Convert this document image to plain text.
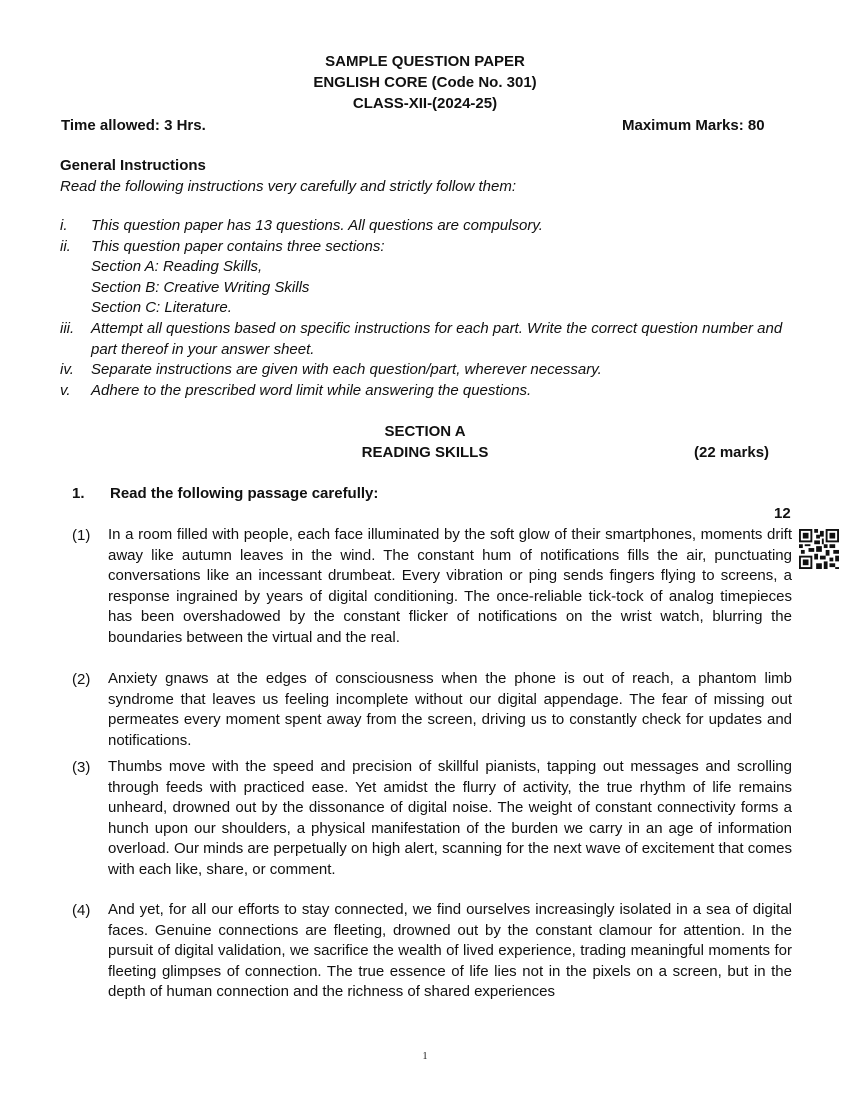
SAMPLE QUESTION PAPER
ENGLISH CORE (Code No. 301)
CLASS-XII-(2024-25)
Time allowed: 3 Hrs.	Maximum Marks: 80
General Instructions
Read the following instructions very carefully and strictly follow them:
i. This question paper has 13 questions. All questions are compulsory.
ii. This question paper contains three sections:
Section A: Reading Skills,
Section B: Creative Writing Skills
Section C: Literature.
iii. Attempt all questions based on specific instructions for each part. Write the correct question number and part thereof in your answer sheet.
iv. Separate instructions are given with each question/part, wherever necessary.
v. Adhere to the prescribed word limit while answering the questions.
SECTION A
READING SKILLS	(22 marks)
1. Read the following passage carefully:
12
(1) In a room filled with people, each face illuminated by the soft glow of their smartphones, moments drift away like autumn leaves in the wind. The constant hum of notifications fills the air, punctuating conversations like an incessant drumbeat. Every vibration or ping sends fingers flying to screens, a response ingrained by years of digital conditioning. The once-reliable tick-tock of analog timepieces has been overshadowed by the constant flicker of notifications on the wrist watch, blurring the boundaries between the virtual and the real.

(2) Anxiety gnaws at the edges of consciousness when the phone is out of reach, a phantom limb syndrome that leaves us feeling incomplete without our digital appendage. The fear of missing out permeates every moment spent away from the screen, driving us to constantly check for updates and notifications.

(3) Thumbs move with the speed and precision of skillful pianists, tapping out messages and scrolling through feeds with practiced ease. Yet amidst the flurry of activity, the true rhythm of life remains unheard, drowned out by the dissonance of digital noise. The weight of constant connectivity forms a hunch upon our shoulders, a physical manifestation of the burden we carry in an age of information overload. Our minds are perpetually on high alert, scanning for the next wave of excitement that comes with each like, share, or comment.

(4) And yet, for all our efforts to stay connected, we find ourselves increasingly isolated in a sea of digital faces. Genuine connections are fleeting, drowned out by the constant clamour for attention. In the pursuit of digital validation, we sacrifice the wealth of lived experience, trading meaningful moments for fleeting glimpses of connection. The true essence of life lies not in the pixels on a screen, but in the depth of human connection and the richness of shared experiences

1
